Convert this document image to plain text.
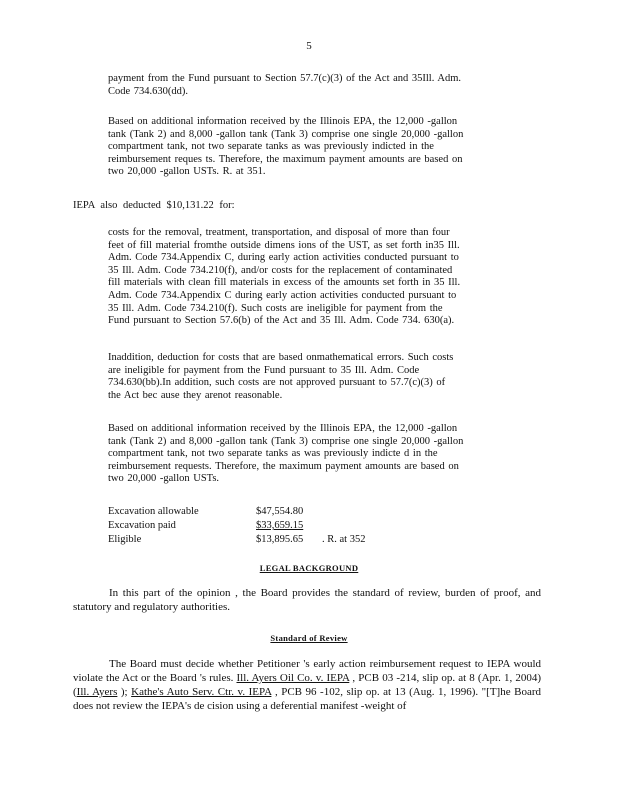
5
payment from the Fund pursuant to Section 57.7(c)(3) of the Act and 35Ill. Adm.
Code 734.630(dd).
Based on additional information received by the Illinois EPA, the 12,000 -gallon
tank (Tank 2) and 8,000 -gallon tank (Tank 3) comprise one single 20,000 -gallon
compartment tank, not two separate tanks as was previously indicted in the
reimbursement reques ts. Therefore, the maximum payment amounts are based on
two 20,000 -gallon USTs. R. at 351.
IEPA also deducted $10,131.22 for:
costs for the removal, treatment, transportation, and disposal of more than four
feet of fill material fromthe outside dimens ions of the UST, as set forth in35 Ill.
Adm. Code 734.Appendix C, during early action activities conducted pursuant to
35 Ill. Adm. Code 734.210(f), and/or costs for the replacement of contaminated
fill materials with clean fill materials in excess of the amounts set forth in 35 Ill.
Adm. Code 734.Appendix C during early action activities conducted pursuant to
35 Ill. Adm. Code 734.210(f). Such costs are ineligible for payment from the
Fund pursuant to Section 57.6(b) of the Act and 35 Ill. Adm. Code 734. 630(a).
Inaddition, deduction for costs that are based onmathematical errors. Such costs
are ineligible for payment from the Fund pursuant to 35 Ill. Adm. Code
734.630(bb).In addition, such costs are not approved pursuant to 57.7(c)(3) of
the Act bec ause they arenot reasonable.
Based on additional information received by the Illinois EPA, the 12,000 -gallon
tank (Tank 2) and 8,000 -gallon tank (Tank 3) comprise one single 20,000 -gallon
compartment tank, not two separate tanks as was previously indicte d in the
reimbursement requests. Therefore, the maximum payment amounts are based on
two 20,000 -gallon USTs.
Excavation allowable	$47,554.80
Excavation paid	$33,659.15
Eligible	$13,895.65	. R. at 352
LEGAL BACKGROUND

In this part of the opinion , the Board provides the standard of review, burden of proof, and statutory and regulatory authorities.

Standard of Review

The Board must decide whether Petitioner 's early action reimbursement request to IEPA would violate the Act or the Board 's rules. Ill. Ayers Oil Co. v. IEPA , PCB 03 -214, slip op. at 8 (Apr. 1, 2004) (Ill. Ayers ); Kathe's Auto Serv. Ctr. v. IEPA , PCB 96 -102, slip op. at 13 (Aug. 1, 1996). "[T]he Board does not review the IEPA's de cision using a deferential manifest -weight of
